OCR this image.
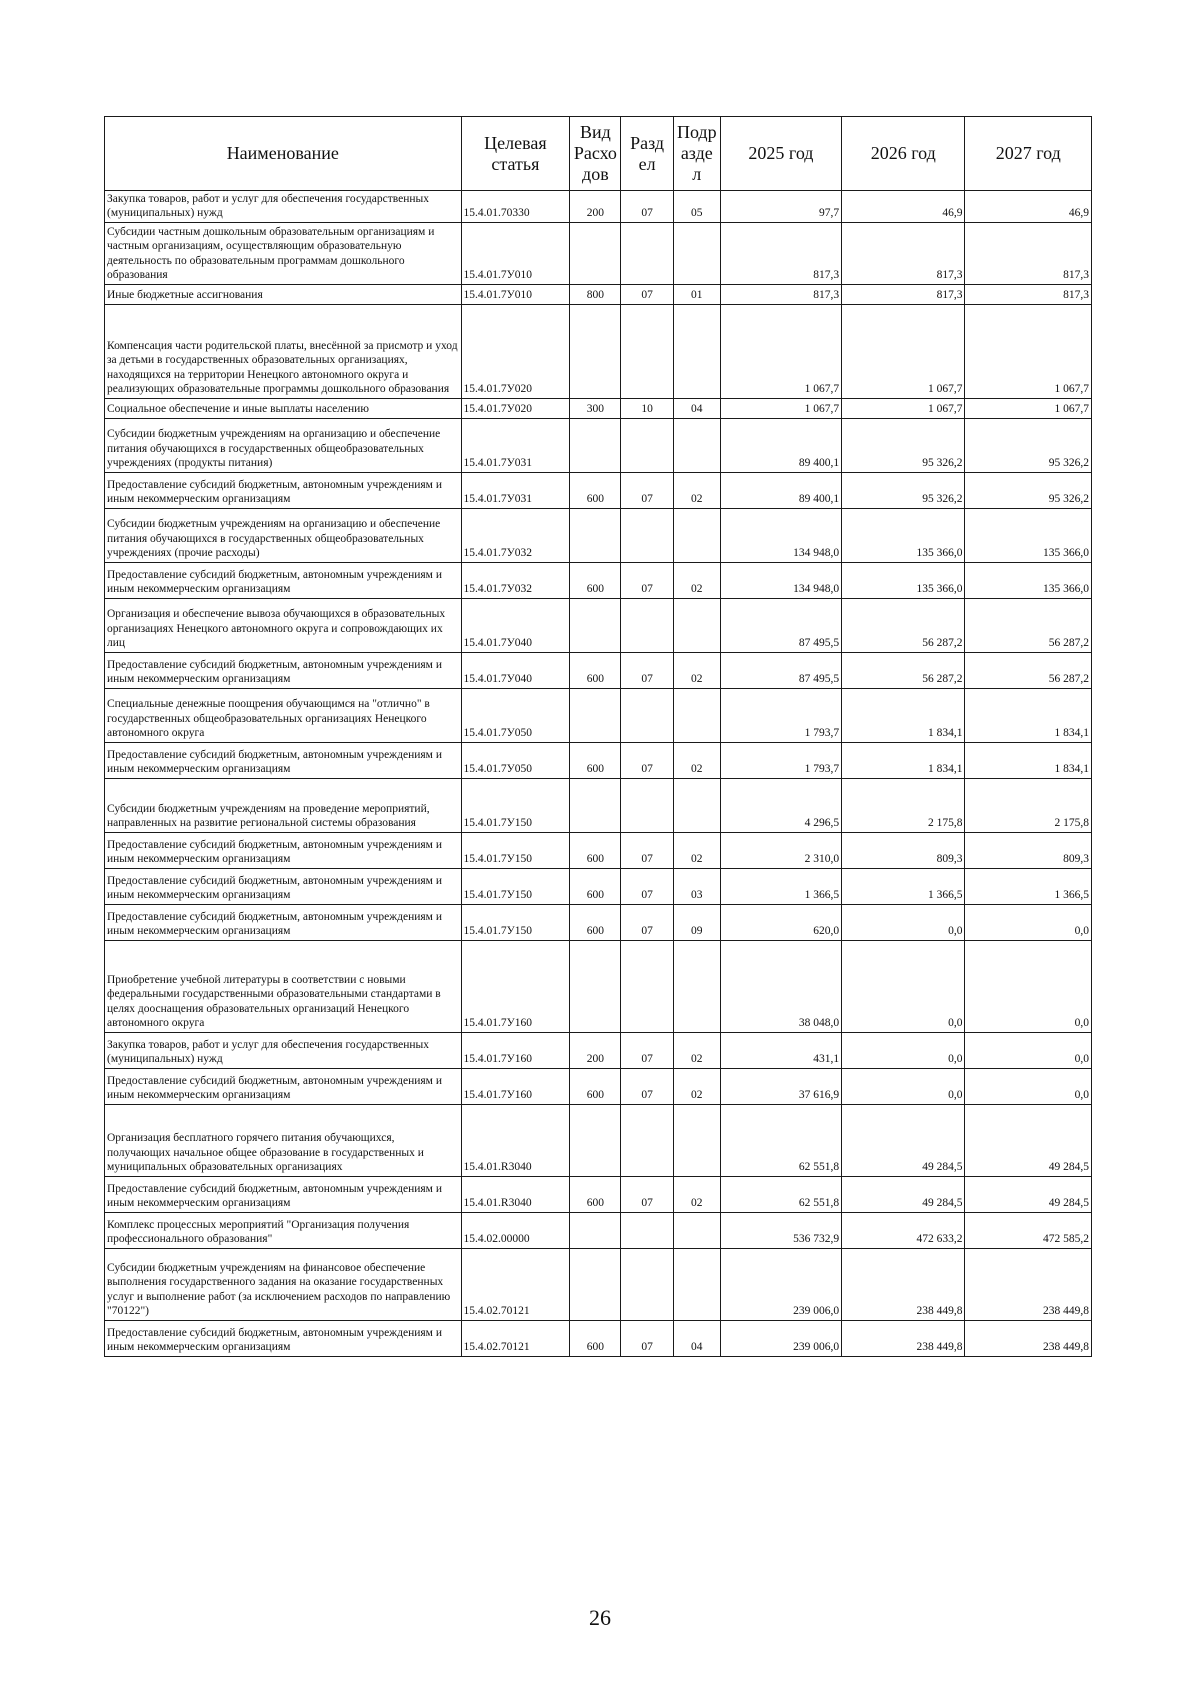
Наименование	Целевая статья	Вид Расхо дов	Разд ел	Подр азде л	2025 год	2026 год	2027 год
Закупка товаров, работ и услуг для обеспечения государственных (муниципальных) нужд	15.4.01.70330	200	07	05	97,7	46,9	46,9
Субсидии частным дошкольным образовательным организациям и частным организациям, осуществляющим образовательную деятельность по образовательным программам дошкольного образования	15.4.01.7У010				817,3	817,3	817,3
Иные бюджетные ассигнования	15.4.01.7У010	800	07	01	817,3	817,3	817,3
Компенсация части родительской платы, внесённой за присмотр и уход за детьми в государственных образовательных организациях, находящихся на территории Ненецкого автономного округа и реализующих образовательные программы дошкольного образования	15.4.01.7У020				1 067,7	1 067,7	1 067,7
Социальное обеспечение и иные выплаты населению	15.4.01.7У020	300	10	04	1 067,7	1 067,7	1 067,7
Субсидии бюджетным учреждениям на организацию и обеспечение питания обучающихся в государственных общеобразовательных учреждениях (продукты питания)	15.4.01.7У031				89 400,1	95 326,2	95 326,2
Предоставление субсидий бюджетным, автономным учреждениям и иным некоммерческим организациям	15.4.01.7У031	600	07	02	89 400,1	95 326,2	95 326,2
Субсидии бюджетным учреждениям на организацию и обеспечение питания обучающихся в государственных общеобразовательных учреждениях (прочие расходы)	15.4.01.7У032				134 948,0	135 366,0	135 366,0
Предоставление субсидий бюджетным, автономным учреждениям и иным некоммерческим организациям	15.4.01.7У032	600	07	02	134 948,0	135 366,0	135 366,0
Организация и обеспечение вывоза обучающихся в образовательных организациях Ненецкого автономного округа и сопровождающих их лиц	15.4.01.7У040				87 495,5	56 287,2	56 287,2
Предоставление субсидий бюджетным, автономным учреждениям и иным некоммерческим организациям	15.4.01.7У040	600	07	02	87 495,5	56 287,2	56 287,2
Специальные денежные поощрения обучающимся на "отлично" в государственных общеобразовательных организациях Ненецкого автономного округа	15.4.01.7У050				1 793,7	1 834,1	1 834,1
Предоставление субсидий бюджетным, автономным учреждениям и иным некоммерческим организациям	15.4.01.7У050	600	07	02	1 793,7	1 834,1	1 834,1
Субсидии бюджетным учреждениям на проведение мероприятий, направленных на развитие региональной системы образования	15.4.01.7У150				4 296,5	2 175,8	2 175,8
Предоставление субсидий бюджетным, автономным учреждениям и иным некоммерческим организациям	15.4.01.7У150	600	07	02	2 310,0	809,3	809,3
Предоставление субсидий бюджетным, автономным учреждениям и иным некоммерческим организациям	15.4.01.7У150	600	07	03	1 366,5	1 366,5	1 366,5
Предоставление субсидий бюджетным, автономным учреждениям и иным некоммерческим организациям	15.4.01.7У150	600	07	09	620,0	0,0	0,0
Приобретение учебной литературы в соответствии с новыми федеральными государственными образовательными стандартами в целях дооснащения образовательных организаций Ненецкого автономного округа	15.4.01.7У160				38 048,0	0,0	0,0
Закупка товаров, работ и услуг для обеспечения государственных (муниципальных) нужд	15.4.01.7У160	200	07	02	431,1	0,0	0,0
Предоставление субсидий бюджетным, автономным учреждениям и иным некоммерческим организациям	15.4.01.7У160	600	07	02	37 616,9	0,0	0,0
Организация бесплатного горячего питания обучающихся, получающих начальное общее образование в государственных и муниципальных образовательных организациях	15.4.01.R3040				62 551,8	49 284,5	49 284,5
Предоставление субсидий бюджетным, автономным учреждениям и иным некоммерческим организациям	15.4.01.R3040	600	07	02	62 551,8	49 284,5	49 284,5
Комплекс процессных мероприятий "Организация получения профессионального образования"	15.4.02.00000				536 732,9	472 633,2	472 585,2
Субсидии бюджетным учреждениям на финансовое обеспечение выполнения государственного задания на оказание государственных услуг и выполнение работ (за исключением расходов по направлению "70122")	15.4.02.70121				239 006,0	238 449,8	238 449,8
Предоставление субсидий бюджетным, автономным учреждениям и иным некоммерческим организациям	15.4.02.70121	600	07	04	239 006,0	238 449,8	238 449,8
26
